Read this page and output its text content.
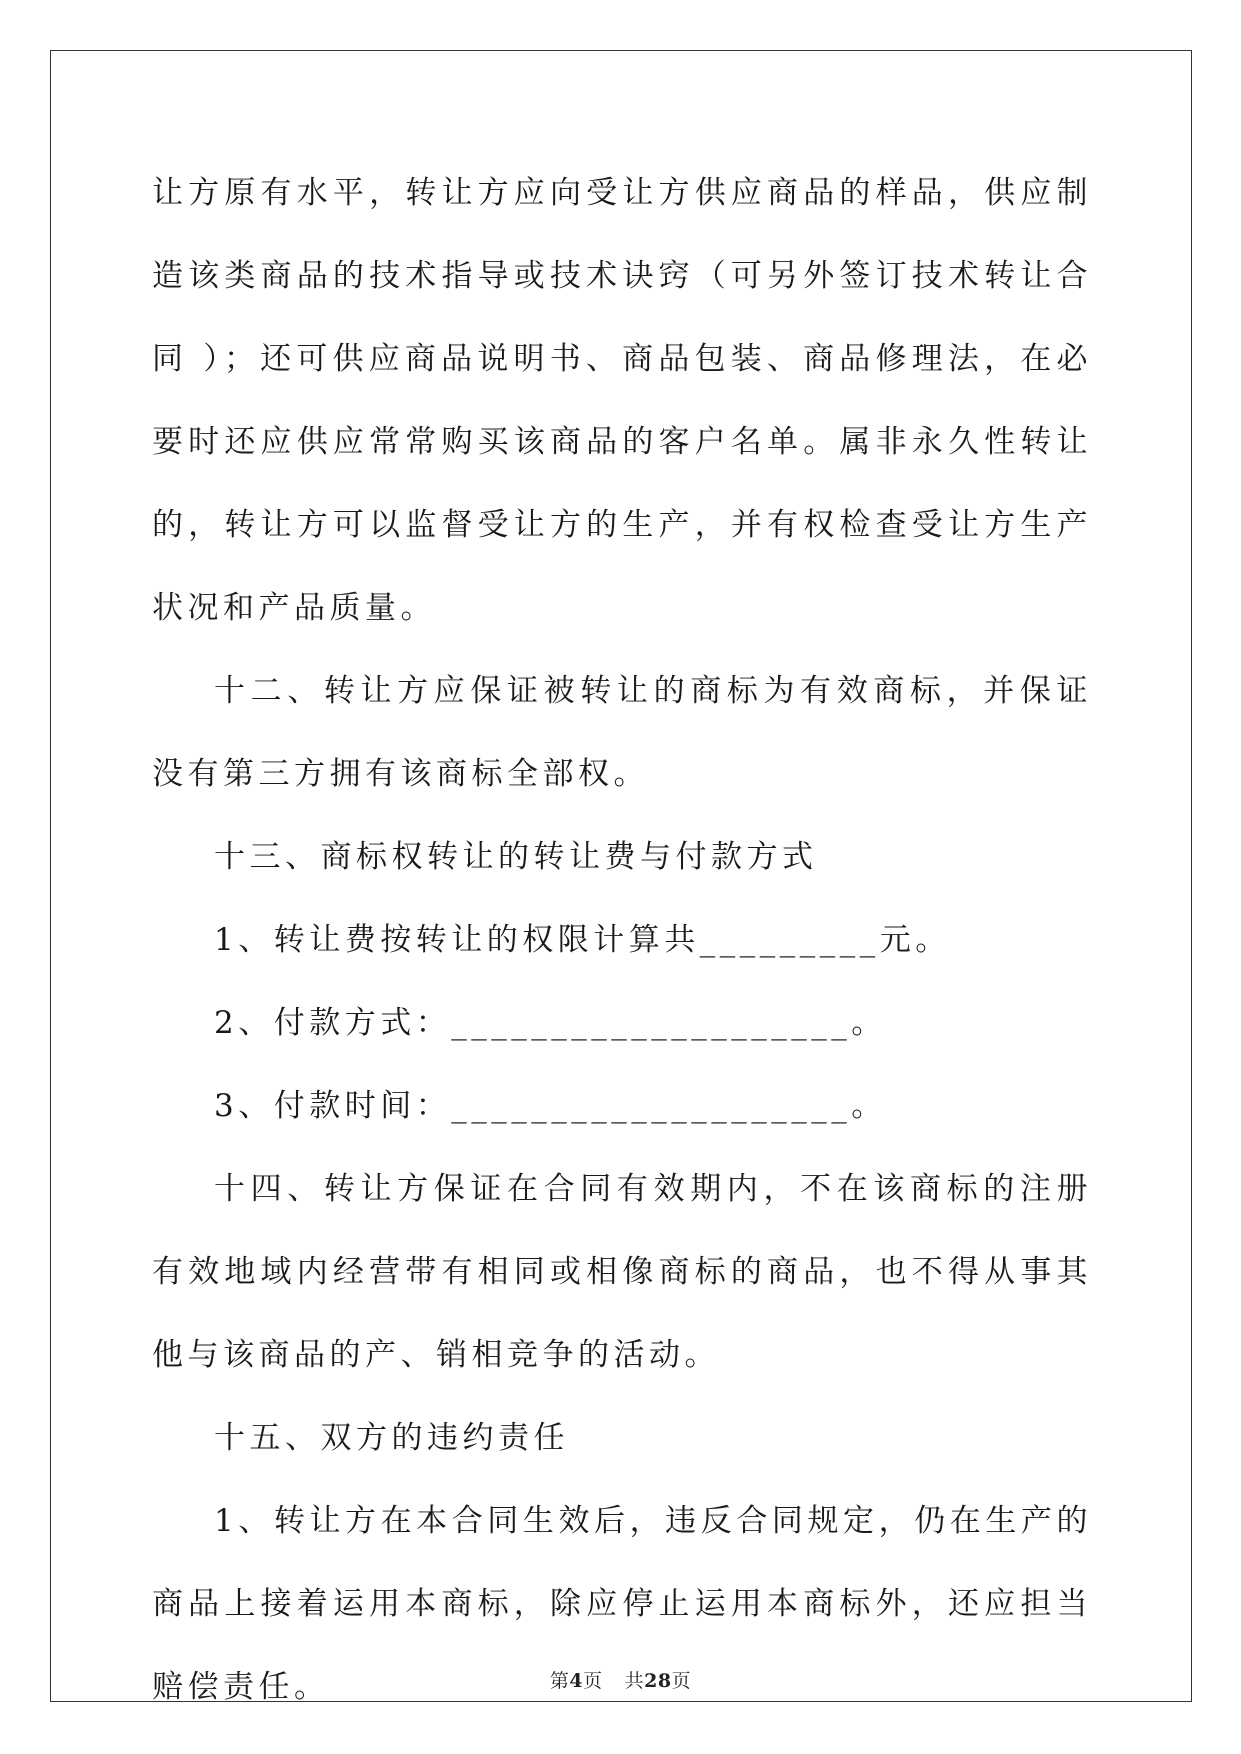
让方原有水平，转让方应向受让方供应商品的样品，供应制造该类商品的技术指导或技术诀窍（可另外签订技术转让合同 ）；还可供应商品说明书、商品包装、商品修理法，在必要时还应供应常常购买该商品的客户名单。属非永久性转让的，转让方可以监督受让方的生产，并有权检查受让方生产状况和产品质量。

十二、转让方应保证被转让的商标为有效商标，并保证没有第三方拥有该商标全部权。

十三、商标权转让的转让费与付款方式

1、转让费按转让的权限计算共_________元。

2、付款方式：____________________。

3、付款时间：____________________。

十四、转让方保证在合同有效期内，不在该商标的注册有效地域内经营带有相同或相像商标的商品，也不得从事其他与该商品的产、销相竞争的活动。

十五、双方的违约责任

1、转让方在本合同生效后，违反合同规定，仍在生产的商品上接着运用本商标，除应停止运用本商标外，还应担当赔偿责任。	第4页 共28页
